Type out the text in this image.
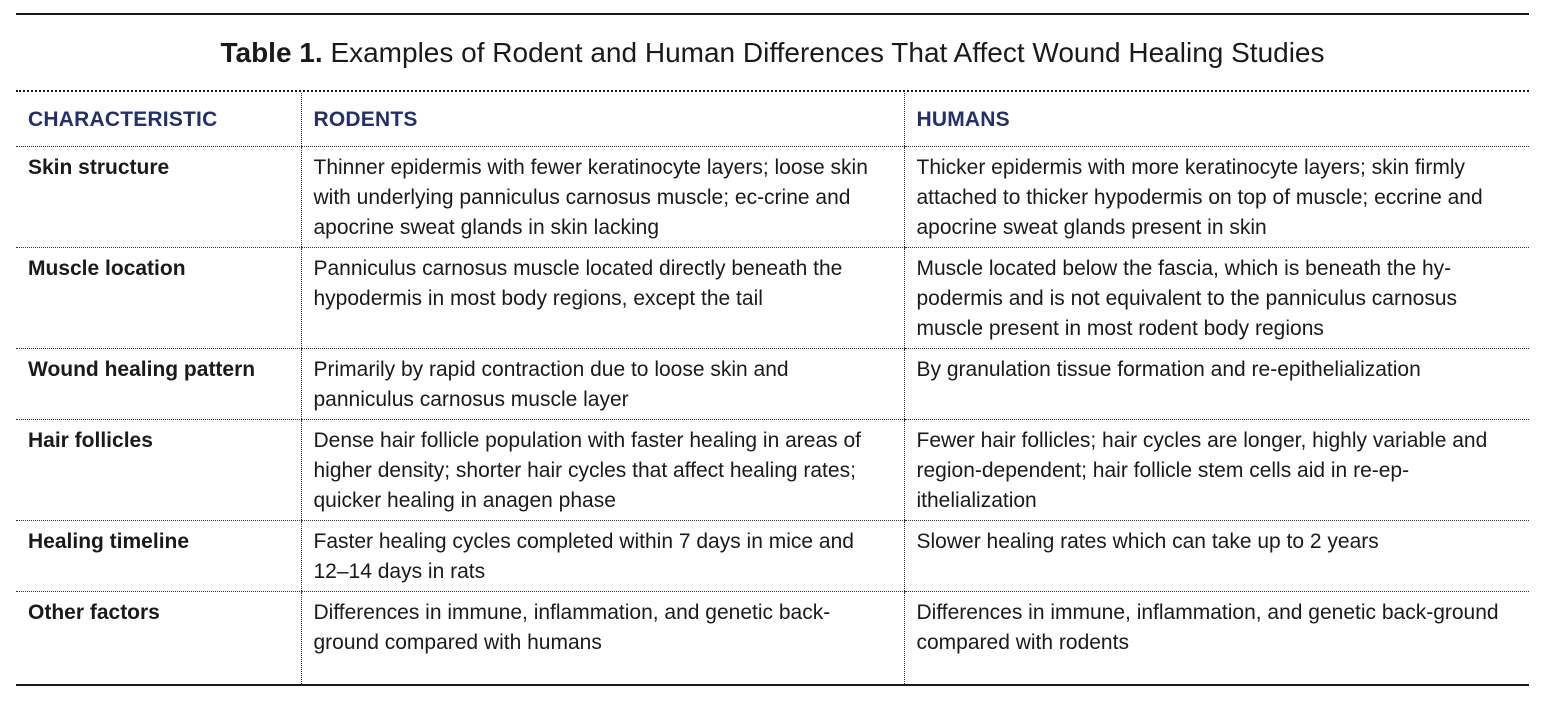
Table 1. Examples of Rodent and Human Differences That Affect Wound Healing Studies
CHARACTERISTIC	RODENTS	HUMANS
Skin structure	Thinner epidermis with fewer keratinocyte layers; loose skin with underlying panniculus carnosus muscle; ec-crine and apocrine sweat glands in skin lacking	Thicker epidermis with more keratinocyte layers; skin firmly attached to thicker hypodermis on top of muscle; eccrine and apocrine sweat glands present in skin
Muscle location	Panniculus carnosus muscle located directly beneath the hypodermis in most body regions, except the tail	Muscle located below the fascia, which is beneath the hy-podermis and is not equivalent to the panniculus carnosus muscle present in most rodent body regions
Wound healing pattern	Primarily by rapid contraction due to loose skin and panniculus carnosus muscle layer	By granulation tissue formation and re-epithelialization
Hair follicles	Dense hair follicle population with faster healing in areas of higher density; shorter hair cycles that affect healing rates; quicker healing in anagen phase	Fewer hair follicles; hair cycles are longer, highly variable and region-dependent; hair follicle stem cells aid in re-ep-ithelialization
Healing timeline	Faster healing cycles completed within 7 days in mice and 12–14 days in rats	Slower healing rates which can take up to 2 years
Other factors	Differences in immune, inflammation, and genetic back-ground compared with humans	Differences in immune, inflammation, and genetic back-ground compared with rodents
